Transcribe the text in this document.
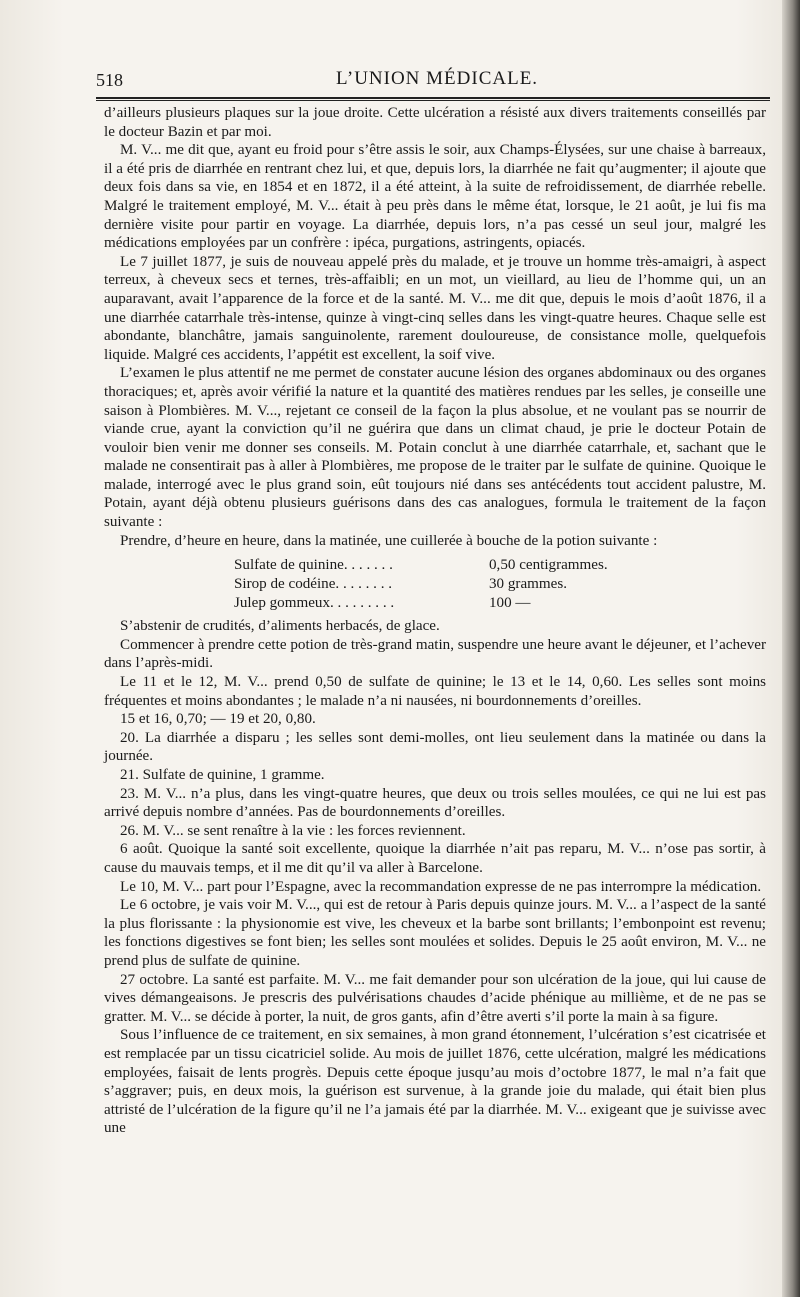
518	L’UNION MÉDICALE.

d’ailleurs plusieurs plaques sur la joue droite. Cette ulcération a résisté aux divers traitements conseillés par le docteur Bazin et par moi.

M. V... me dit que, ayant eu froid pour s’être assis le soir, aux Champs-Élysées, sur une chaise à barreaux, il a été pris de diarrhée en rentrant chez lui, et que, depuis lors, la diarrhée ne fait qu’augmenter; il ajoute que deux fois dans sa vie, en 1854 et en 1872, il a été atteint, à la suite de refroidissement, de diarrhée rebelle. Malgré le traitement employé, M. V... était à peu près dans le même état, lorsque, le 21 août, je lui fis ma dernière visite pour partir en voyage. La diarrhée, depuis lors, n’a pas cessé un seul jour, malgré les médications employées par un confrère : ipéca, purgations, astringents, opiacés.

Le 7 juillet 1877, je suis de nouveau appelé près du malade, et je trouve un homme très-amaigri, à aspect terreux, à cheveux secs et ternes, très-affaibli; en un mot, un vieillard, au lieu de l’homme qui, un an auparavant, avait l’apparence de la force et de la santé. M. V... me dit que, depuis le mois d’août 1876, il a une diarrhée catarrhale très-intense, quinze à vingt-cinq selles dans les vingt-quatre heures. Chaque selle est abondante, blanchâtre, jamais sanguinolente, rarement douloureuse, de consistance molle, quelquefois liquide. Malgré ces accidents, l’appétit est excellent, la soif vive.

L’examen le plus attentif ne me permet de constater aucune lésion des organes abdominaux ou des organes thoraciques; et, après avoir vérifié la nature et la quantité des matières rendues par les selles, je conseille une saison à Plombières. M. V..., rejetant ce conseil de la façon la plus absolue, et ne voulant pas se nourrir de viande crue, ayant la conviction qu’il ne guérira que dans un climat chaud, je prie le docteur Potain de vouloir bien venir me donner ses conseils. M. Potain conclut à une diarrhée catarrhale, et, sachant que le malade ne consentirait pas à aller à Plombières, me propose de le traiter par le sulfate de quinine. Quoique le malade, interrogé avec le plus grand soin, eût toujours nié dans ses antécédents tout accident palustre, M. Potain, ayant déjà obtenu plusieurs guérisons dans des cas analogues, formula le traitement de la façon suivante :

Prendre, d’heure en heure, dans la matinée, une cuillerée à bouche de la potion suivante :

Sulfate de quinine. . . . . . .	0,50 centigrammes.
Sirop de codéine. . . . . . . .	30 grammes.
Julep gommeux. . . . . . . . .	100 —

S’abstenir de crudités, d’aliments herbacés, de glace.

Commencer à prendre cette potion de très-grand matin, suspendre une heure avant le déjeuner, et l’achever dans l’après-midi.

Le 11 et le 12, M. V... prend 0,50 de sulfate de quinine; le 13 et le 14, 0,60. Les selles sont moins fréquentes et moins abondantes ; le malade n’a ni nausées, ni bourdonnements d’oreilles.

15 et 16, 0,70; — 19 et 20, 0,80.

20. La diarrhée a disparu ; les selles sont demi-molles, ont lieu seulement dans la matinée ou dans la journée.

21. Sulfate de quinine, 1 gramme.

23. M. V... n’a plus, dans les vingt-quatre heures, que deux ou trois selles moulées, ce qui ne lui est pas arrivé depuis nombre d’années. Pas de bourdonnements d’oreilles.

26. M. V... se sent renaître à la vie : les forces reviennent.

6 août. Quoique la santé soit excellente, quoique la diarrhée n’ait pas reparu, M. V... n’ose pas sortir, à cause du mauvais temps, et il me dit qu’il va aller à Barcelone.

Le 10, M. V... part pour l’Espagne, avec la recommandation expresse de ne pas interrompre la médication.

Le 6 octobre, je vais voir M. V..., qui est de retour à Paris depuis quinze jours. M. V... a l’aspect de la santé la plus florissante : la physionomie est vive, les cheveux et la barbe sont brillants; l’embonpoint est revenu; les fonctions digestives se font bien; les selles sont moulées et solides. Depuis le 25 août environ, M. V... ne prend plus de sulfate de quinine.

27 octobre. La santé est parfaite. M. V... me fait demander pour son ulcération de la joue, qui lui cause de vives démangeaisons. Je prescris des pulvérisations chaudes d’acide phénique au millième, et de ne pas se gratter. M. V... se décide à porter, la nuit, de gros gants, afin d’être averti s’il porte la main à sa figure.

Sous l’influence de ce traitement, en six semaines, à mon grand étonnement, l’ulcération s’est cicatrisée et est remplacée par un tissu cicatriciel solide. Au mois de juillet 1876, cette ulcération, malgré les médications employées, faisait de lents progrès. Depuis cette époque jusqu’au mois d’octobre 1877, le mal n’a fait que s’aggraver; puis, en deux mois, la guérison est survenue, à la grande joie du malade, qui était bien plus attristé de l’ulcération de la figure qu’il ne l’a jamais été par la diarrhée. M. V... exigeant que je suivisse avec une
